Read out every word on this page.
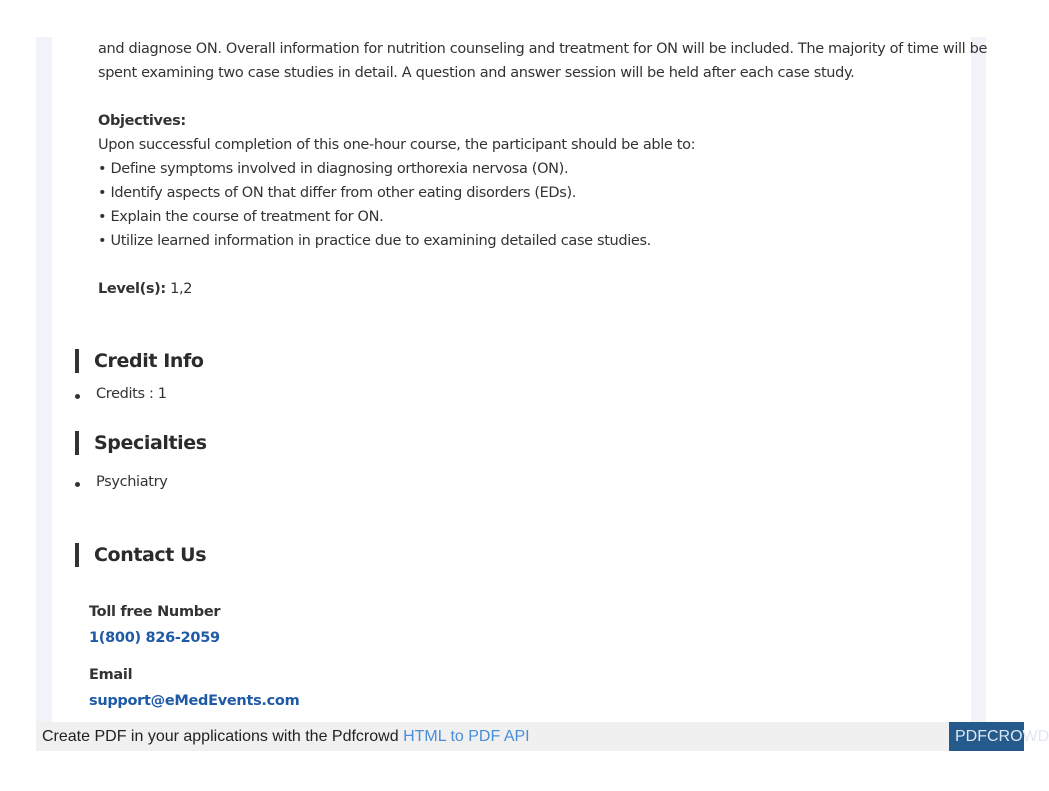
and diagnose ON. Overall information for nutrition counseling and treatment for ON will be included. The majority of time will be
spent examining two case studies in detail. A question and answer session will be held after each case study.
Objectives:
Upon successful completion of this one-hour course, the participant should be able to:
• Define symptoms involved in diagnosing orthorexia nervosa (ON).
• Identify aspects of ON that differ from other eating disorders (EDs).
• Explain the course of treatment for ON.
• Utilize learned information in practice due to examining detailed case studies.
Level(s): 1,2
Credit Info
Credits : 1
Specialties
Psychiatry
Contact Us
Toll free Number
1(800) 826-2059
Email
support@eMedEvents.com
Create PDF in your applications with the Pdfcrowd HTML to PDF API	PDFCROWD
